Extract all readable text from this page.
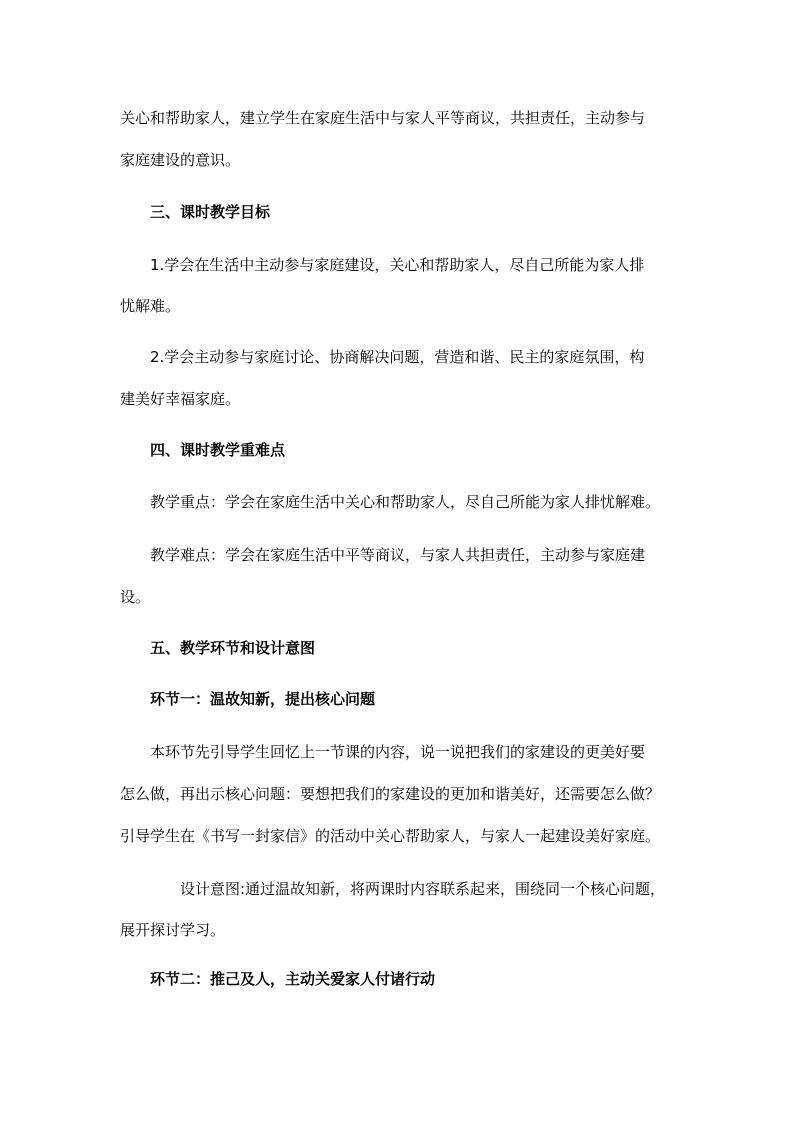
关心和帮助家人，建立学生在家庭生活中与家人平等商议，共担责任，主动参与
家庭建设的意识。
三、课时教学目标
1.学会在生活中主动参与家庭建设，关心和帮助家人，尽自己所能为家人排
忧解难。
2.学会主动参与家庭讨论、协商解决问题，营造和谐、民主的家庭氛围，构
建美好幸福家庭。
四、课时教学重难点
教学重点：学会在家庭生活中关心和帮助家人，尽自己所能为家人排忧解难。
教学难点：学会在家庭生活中平等商议，与家人共担责任，主动参与家庭建
设。
五、教学环节和设计意图
环节一：温故知新，提出核心问题
本环节先引导学生回忆上一节课的内容，说一说把我们的家建设的更美好要
怎么做，再出示核心问题：要想把我们的家建设的更加和谐美好，还需要怎么做？
引导学生在《书写一封家信》的活动中关心帮助家人，与家人一起建设美好家庭。
设计意图:通过温故知新，将两课时内容联系起来，围绕同一个核心问题，
展开探讨学习。
环节二：推己及人，主动关爱家人付诸行动
